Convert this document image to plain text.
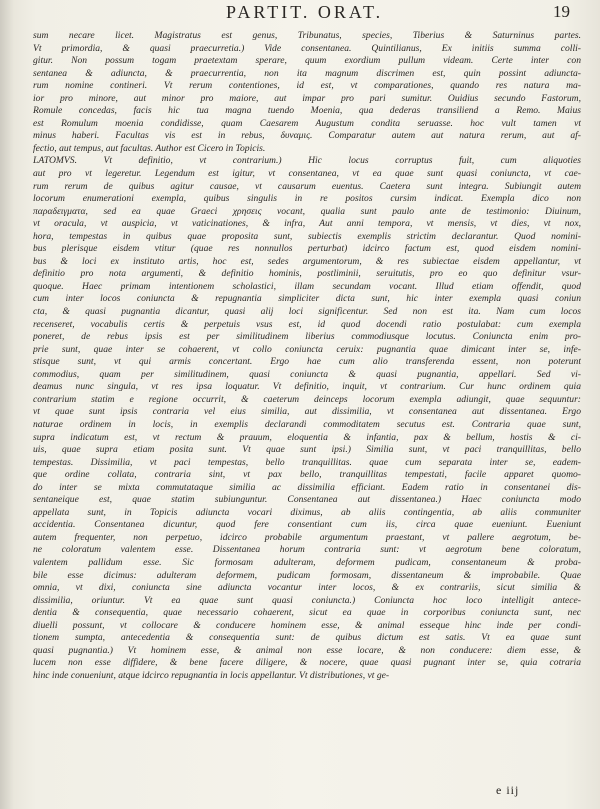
PARTIT. ORAT.	19
sum necare licet. Magistratus est genus, Tribunatus, species, Tiberius & Saturninus partes.
Vt primordia, & quasi praecurretia.) Vide consentanea. Quintilianus, Ex initiis summa colli-
gitur. Non possum togam praetextam sperare, quum exordium pullum videam. Certe inter con
sentanea & adiuncta, & praecurrentia, non ita magnum discrimen est, quin possint adiuncta-
rum nomine contineri. Vt rerum contentiones, id est, vt comparationes, quando res natura ma-
ior pro minore, aut minor pro maiore, aut impar pro pari sumitur. Ouidius secundo Fastorum,
Romule concedas, facis hic tua magna tuendo Moenia, qua dederas transiliend a Remo. Maius
est Romulum moenia condidisse, quam Caesarem Augustum condita seruasse. hoc vult tamen vt
minus haberi. Facultas vis est in rebus, δυναμις. Comparatur autem aut natura rerum, aut af-
fectio, aut tempus, aut facultas. Author est Cicero in Topicis.
LATOMVS. Vt definitio, vt contrarium.) Hic locus corruptus fuit, cum aliquoties
aut pro vt legeretur. Legendum est igitur, vt consentanea, vt ea quae sunt quasi coniuncta, vt cae-
rum rerum de quibus agitur causae, vt causarum euentus. Caetera sunt integra. Subiungit autem
locorum enumerationi exempla, quibus singulis in re positos cursim indicat. Exempla dico non
παραδειγματα, sed ea quae Graeci χρησεις vocant, qualia sunt paulo ante de testimonio: Diuinum,
vt oracula, vt auspicia, vt vaticinationes, & infra, Aut anni tempora, vt mensis, vt dies, vt nox,
hora, tempestas in quibus quae proposita sunt, subiectis exemplis strictim declarantur. Quod nomini-
bus plerisque eisdem vtitur (quae res nonnullos perturbat) idcirco factum est, quod eisdem nomini-
bus & loci ex instituto artis, hoc est, sedes argumentorum, & res subiectae eisdem appellantur, vt
definitio pro nota argumenti, & definitio hominis, postliminii, seruitutis, pro eo quo definitur vsur-
quoque. Haec primam intentionem scholastici, illam secundam vocant. Illud etiam offendit, quod
cum inter locos coniuncta & repugnantia simpliciter dicta sunt, hic inter exempla quasi coniun
cta, & quasi pugnantia dicantur, quasi alij loci significentur. Sed non est ita. Nam cum locos
recenseret, vocabulis certis & perpetuis vsus est, id quod docendi ratio postulabat: cum exempla
poneret, de rebus ipsis est per similitudinem liberius commodiusque locutus. Coniuncta enim pro-
prie sunt, quae inter se cohaerent, vt collo coniuncta ceruix: pugnantia quae dimicant inter se, infe-
stisque sunt, vt qui armis concertant. Ergo hae cum alio transferenda essent, non poterunt
commodius, quam per similitudinem, quasi coniuncta & quasi pugnantia, appellari. Sed vi-
deamus nunc singula, vt res ipsa loquatur. Vt definitio, inquit, vt contrarium. Cur hunc ordinem quia
contrarium statim e regione occurrit, & caeterum deinceps locorum exempla adiungit, quae sequuntur:
vt quae sunt ipsis contraria vel eius similia, aut dissimilia, vt consentanea aut dissentanea. Ergo
naturae ordinem in locis, in exemplis declarandi commoditatem secutus est. Contraria quae sunt,
supra indicatum est, vt rectum & prauum, eloquentia & infantia, pax & bellum, hostis & ci-
uis, quae supra etiam posita sunt. Vt quae sunt ipsi.) Similia sunt, vt paci tranquillitas, bello
tempestas. Dissimilia, vt paci tempestas, bello tranquillitas. quae cum separata inter se, eadem-
que ordine collata, contraria sint, vt pax bello, tranquillitas tempestati, facile apparet quomo-
do inter se mixta commutataque similia ac dissimilia efficiant. Eadem ratio in consentanei dis-
sentaneique est, quae statim subiunguntur. Consentanea aut dissentanea.) Haec coniuncta modo
appellata sunt, in Topicis adiuncta vocari diximus, ab aliis contingentia, ab aliis communiter
accidentia. Consentanea dicuntur, quod fere consentiant cum iis, circa quae eueniunt. Eueniunt
autem frequenter, non perpetuo, idcirco probabile argumentum praestant, vt pallere aegrotum, be-
ne coloratum valentem esse. Dissentanea horum contraria sunt: vt aegrotum bene coloratum,
valentem pallidum esse. Sic formosam adulteram, deformem pudicam, consentaneum & proba-
bile esse dicimus: adulteram deformem, pudicam formosam, dissentaneum & improbabile. Quae
omnia, vt dixi, coniuncta sine adiuncta vocantur inter locos, & ex contrariis, sicut similia &
dissimilia, oriuntur. Vt ea quae sunt quasi coniuncta.) Coniuncta hoc loco intelligit antece-
dentia & consequentia, quae necessario cohaerent, sicut ea quae in corporibus coniuncta sunt, nec
diuelli possunt, vt collocare & conducere hominem esse, & animal esseque hinc inde per condi-
tionem sumpta, antecedentia & consequentia sunt: de quibus dictum est satis. Vt ea quae sunt
quasi pugnantia.) Vt hominem esse, & animal non esse locare, & non conducere: diem esse, &
lucem non esse diffidere, & bene facere diligere, & nocere, quae quasi pugnant inter se, quia cotraria
hinc inde conueniunt, atque idcirco repugnantia in locis appellantur. Vt distributiones, vt ge-
e iij
